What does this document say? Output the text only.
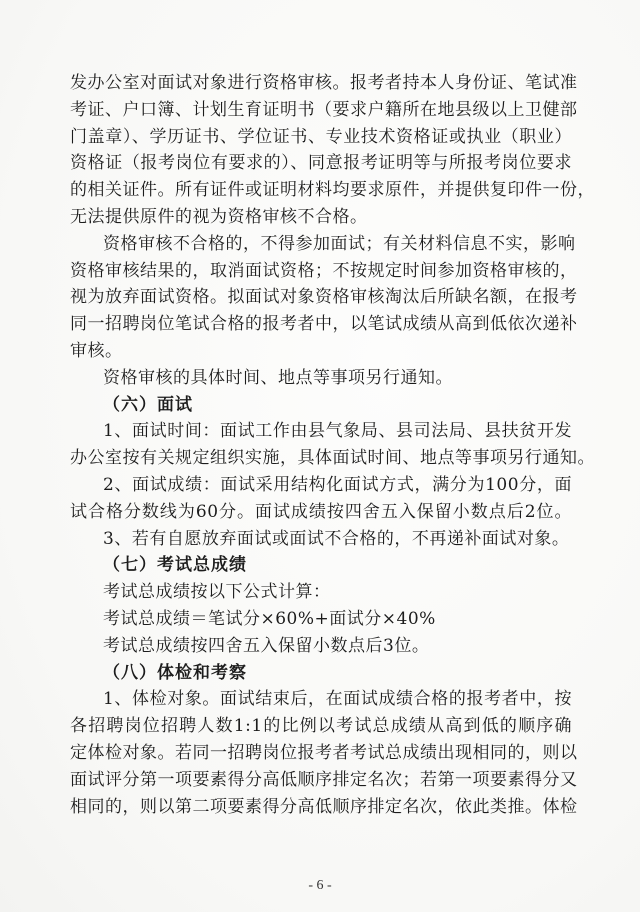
发办公室对面试对象进行资格审核。报考者持本人身份证、笔试准
考证、户口簿、计划生育证明书（要求户籍所在地县级以上卫健部
门盖章）、学历证书、学位证书、专业技术资格证或执业（职业）
资格证（报考岗位有要求的）、同意报考证明等与所报考岗位要求
的相关证件。所有证件或证明材料均要求原件，并提供复印件一份，
无法提供原件的视为资格审核不合格。
资格审核不合格的，不得参加面试；有关材料信息不实，影响
资格审核结果的，取消面试资格；不按规定时间参加资格审核的，
视为放弃面试资格。拟面试对象资格审核淘汰后所缺名额，在报考
同一招聘岗位笔试合格的报考者中，以笔试成绩从高到低依次递补
审核。
资格审核的具体时间、地点等事项另行通知。
（六）面试
1、面试时间：面试工作由县气象局、县司法局、县扶贫开发
办公室按有关规定组织实施，具体面试时间、地点等事项另行通知。
2、面试成绩：面试采用结构化面试方式，满分为100分，面
试合格分数线为60分。面试成绩按四舍五入保留小数点后2位。
3、若有自愿放弃面试或面试不合格的，不再递补面试对象。
（七）考试总成绩
考试总成绩按以下公式计算：
考试总成绩＝笔试分×60%+面试分×40%
考试总成绩按四舍五入保留小数点后3位。
（八）体检和考察
1、体检对象。面试结束后，在面试成绩合格的报考者中，按
各招聘岗位招聘人数1:1的比例以考试总成绩从高到低的顺序确
定体检对象。若同一招聘岗位报考者考试总成绩出现相同的，则以
面试评分第一项要素得分高低顺序排定名次；若第一项要素得分又
相同的，则以第二项要素得分高低顺序排定名次，依此类推。体检
- 6 -
